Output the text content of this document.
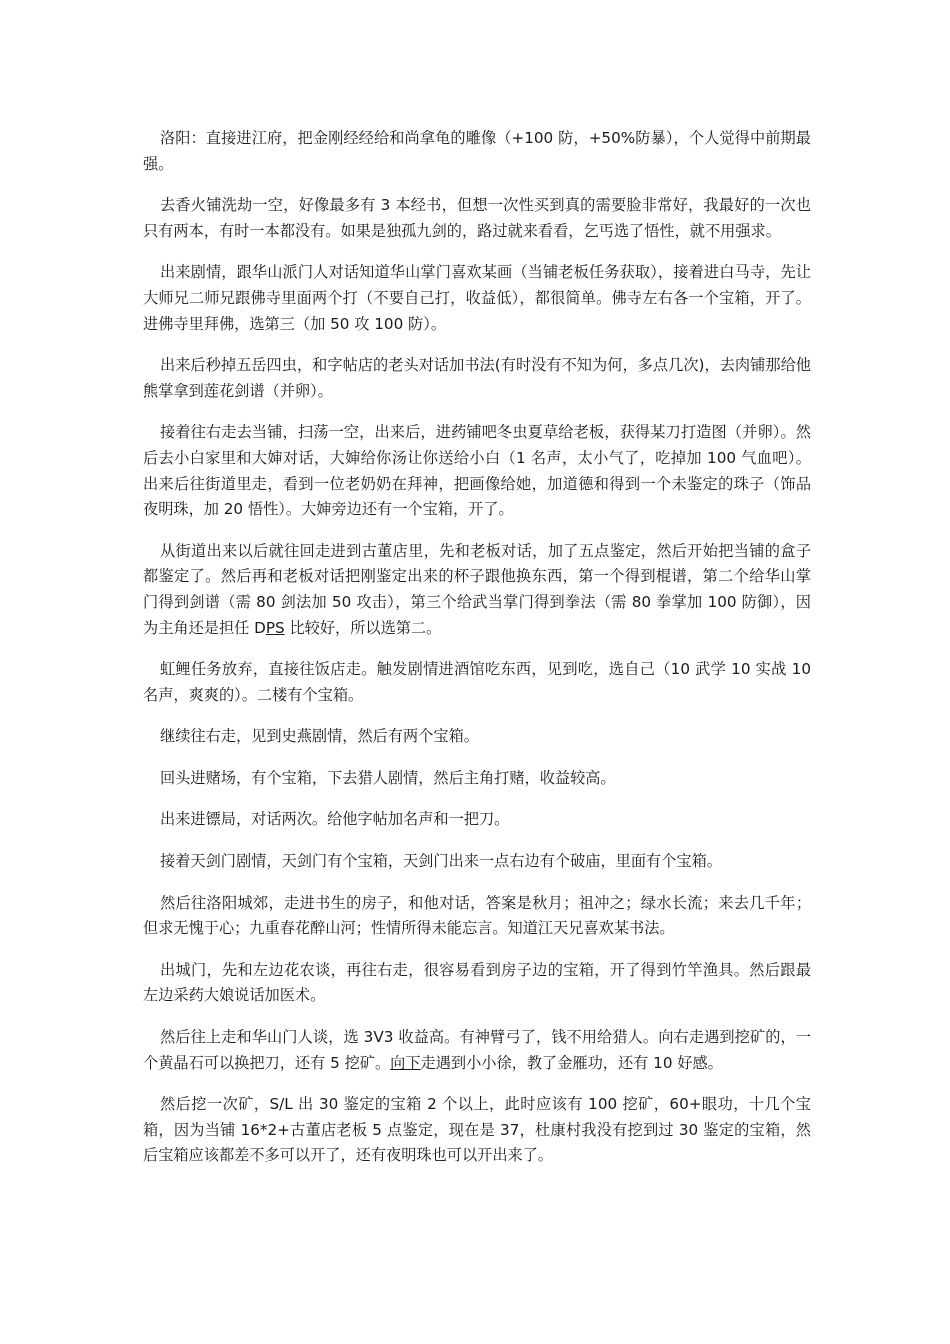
洛阳：直接进江府，把金刚经经给和尚拿龟的雕像（+100 防，+50%防暴），个人觉得中前期最强。

去香火铺洗劫一空，好像最多有 3 本经书，但想一次性买到真的需要脸非常好，我最好的一次也只有两本，有时一本都没有。如果是独孤九剑的，路过就来看看，乞丐选了悟性，就不用强求。

出来剧情，跟华山派门人对话知道华山掌门喜欢某画（当铺老板任务获取），接着进白马寺，先让大师兄二师兄跟佛寺里面两个打（不要自己打，收益低），都很简单。佛寺左右各一个宝箱，开了。进佛寺里拜佛，选第三（加 50 攻 100 防）。

出来后秒掉五岳四虫，和字帖店的老头对话加书法(有时没有不知为何，多点几次)，去肉铺那给他熊掌拿到莲花剑谱（并卵）。

接着往右走去当铺，扫荡一空，出来后，进药铺吧冬虫夏草给老板，获得某刀打造图（并卵）。然后去小白家里和大婶对话，大婶给你汤让你送给小白（1 名声，太小气了，吃掉加 100 气血吧）。出来后往街道里走，看到一位老奶奶在拜神，把画像给她，加道德和得到一个未鉴定的珠子（饰品夜明珠，加 20 悟性）。大婶旁边还有一个宝箱，开了。

从街道出来以后就往回走进到古董店里，先和老板对话，加了五点鉴定，然后开始把当铺的盒子都鉴定了。然后再和老板对话把刚鉴定出来的杯子跟他换东西，第一个得到棍谱，第二个给华山掌门得到剑谱（需 80 剑法加 50 攻击），第三个给武当掌门得到拳法（需 80 拳掌加 100 防御），因为主角还是担任 DPS 比较好，所以选第二。

虹鲤任务放弃，直接往饭店走。触发剧情进酒馆吃东西，见到吃，选自己（10 武学 10 实战 10 名声，爽爽的）。二楼有个宝箱。

继续往右走，见到史燕剧情，然后有两个宝箱。

回头进赌场，有个宝箱，下去猎人剧情，然后主角打赌，收益较高。

出来进镖局，对话两次。给他字帖加名声和一把刀。

接着天剑门剧情，天剑门有个宝箱，天剑门出来一点右边有个破庙，里面有个宝箱。

然后往洛阳城郊，走进书生的房子，和他对话，答案是秋月；祖冲之；绿水长流；来去几千年；但求无愧于心；九重春花醉山河；性情所得未能忘言。知道江天兄喜欢某书法。

出城门，先和左边花农谈，再往右走，很容易看到房子边的宝箱，开了得到竹竿渔具。然后跟最左边采药大娘说话加医术。

然后往上走和华山门人谈，选 3V3 收益高。有神臂弓了，钱不用给猎人。向右走遇到挖矿的，一个黄晶石可以换把刀，还有 5 挖矿。向下走遇到小小徐，教了金雁功，还有 10 好感。

然后挖一次矿，S/L 出 30 鉴定的宝箱 2 个以上，此时应该有 100 挖矿，60+眼功，十几个宝箱，因为当铺 16*2+古董店老板 5 点鉴定，现在是 37，杜康村我没有挖到过 30 鉴定的宝箱，然后宝箱应该都差不多可以开了，还有夜明珠也可以开出来了。
